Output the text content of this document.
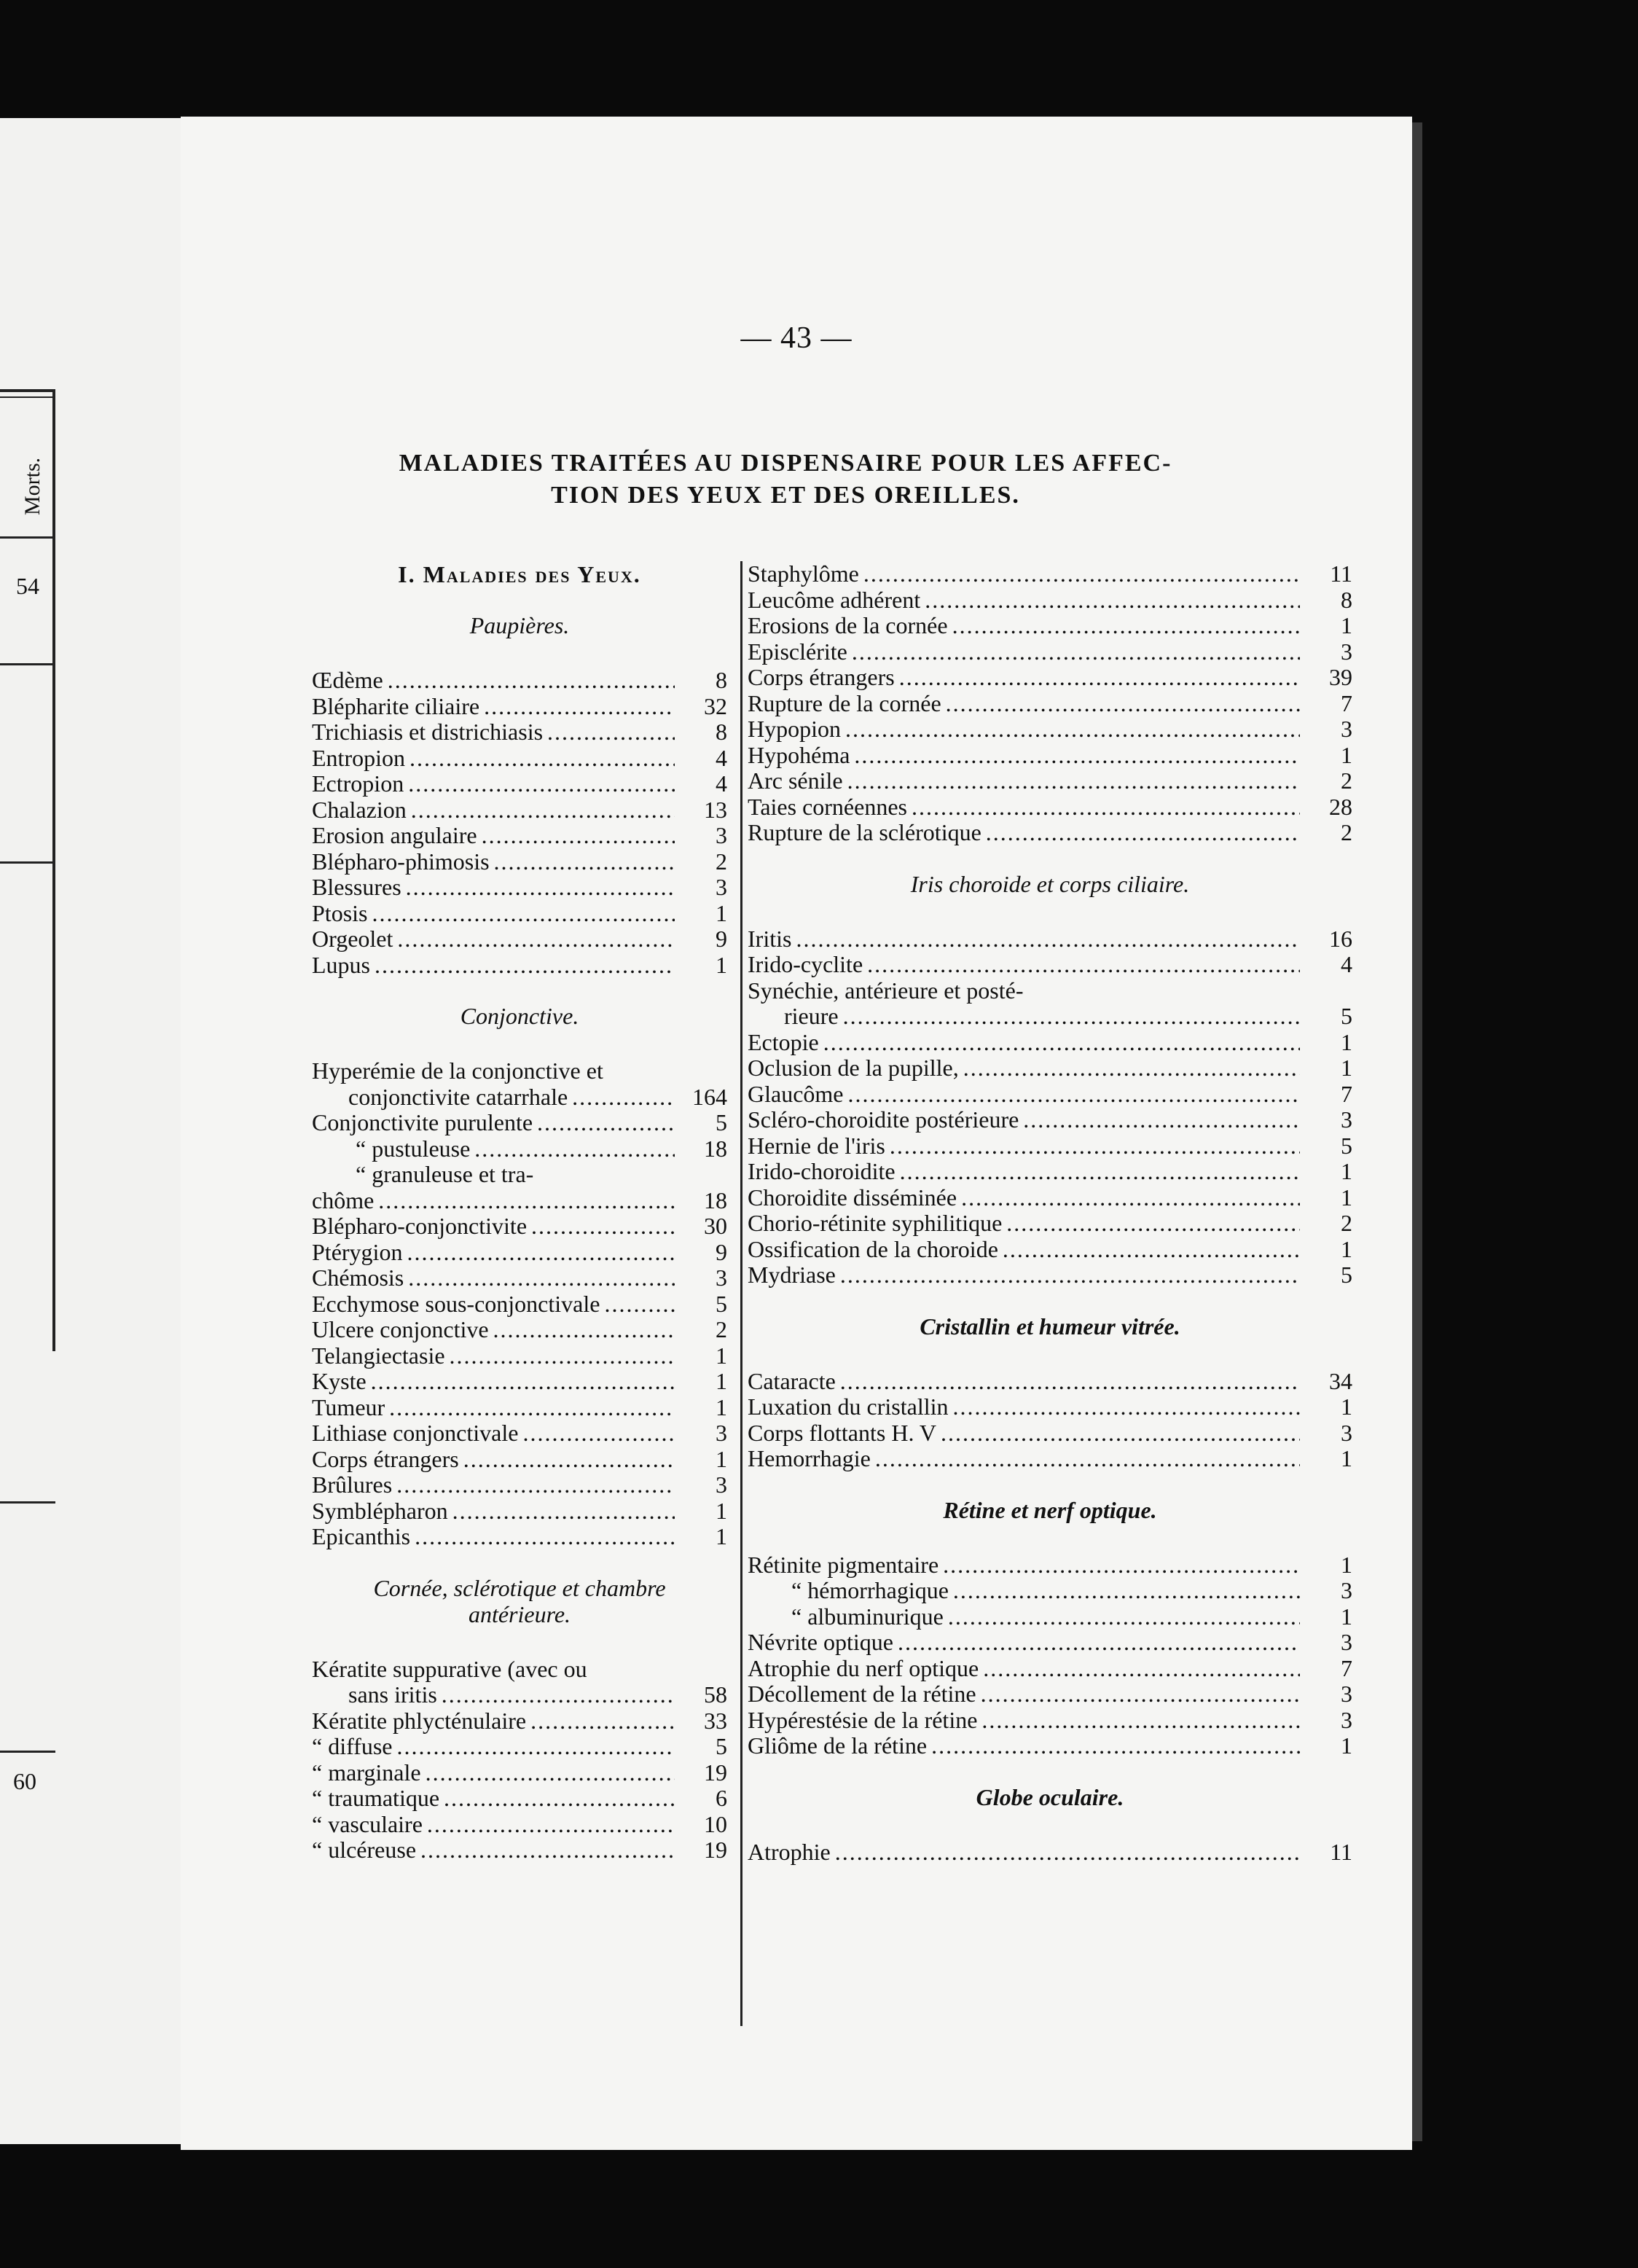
Morts.
54
60
— 43 —
MALADIES TRAITÉES AU DISPENSAIRE POUR LES AFFEC-
TION DES YEUX ET DES OREILLES.
I. Maladies des Yeux.
Paupières.
Œdème .....	8
Blépharite ciliaire .....	32
Trichiasis et districhiasis .....	8
Entropion .....	4
Ectropion .....	4
Chalazion .....	13
Erosion angulaire .....	3
Blépharo-phimosis .....	2
Blessures .....	3
Ptosis .....	1
Orgeolet .....	9
Lupus .....	1
Conjonctive.
Hyperémie de la conjonctive et
conjonctivite catarrhale .....	164
Conjonctivite purulente .....	5
“ pustuleuse .....	18
“ granuleuse et tra-
chôme .....	18
Blépharo-conjonctivite .....	30
Ptérygion .....	9
Chémosis .....	3
Ecchymose sous-conjonctivale .....	5
Ulcere conjonctive .....	2
Telangiectasie .....	1
Kyste .....	1
Tumeur .....	1
Lithiase conjonctivale .....	3
Corps étrangers .....	1
Brûlures .....	3
Symblépharon .....	1
Epicanthis .....	1
Cornée, sclérotique et chambre
antérieure.
Kératite suppurative (avec ou
sans iritis .....	58
Kératite phlycténulaire .....	33
“ diffuse .....	5
“ marginale .....	19
“ traumatique .....	6
“ vasculaire .....	10
“ ulcéreuse .....	19
Staphylôme .....	11
Leucôme adhérent .....	8
Erosions de la cornée .....	1
Episclérite .....	3
Corps étrangers .....	39
Rupture de la cornée .....	7
Hypopion .....	3
Hypohéma .....	1
Arc sénile .....	2
Taies cornéennes .....	28
Rupture de la sclérotique .....	2
Iris choroide et corps ciliaire.
Iritis .....	16
Irido-cyclite .....	4
Synéchie, antérieure et posté-
rieure .....	5
Ectopie .....	1
Oclusion de la pupille, .....	1
Glaucôme .....	7
Scléro-choroidite postérieure .....	3
Hernie de l'iris .....	5
Irido-choroidite .....	1
Choroidite disséminée .....	1
Chorio-rétinite syphilitique .....	2
Ossification de la choroide .....	1
Mydriase .....	5
Cristallin et humeur vitrée.
Cataracte .....	34
Luxation du cristallin .....	1
Corps flottants H. V .....	3
Hemorrhagie .....	1
Rétine et nerf optique.
Rétinite pigmentaire .....	1
“ hémorrhagique .....	3
“ albuminurique .....	1
Névrite optique .....	3
Atrophie du nerf optique .....	7
Décollement de la rétine .....	3
Hypérestésie de la rétine .....	3
Gliôme de la rétine .....	1
Globe oculaire.
Atrophie .....	11
